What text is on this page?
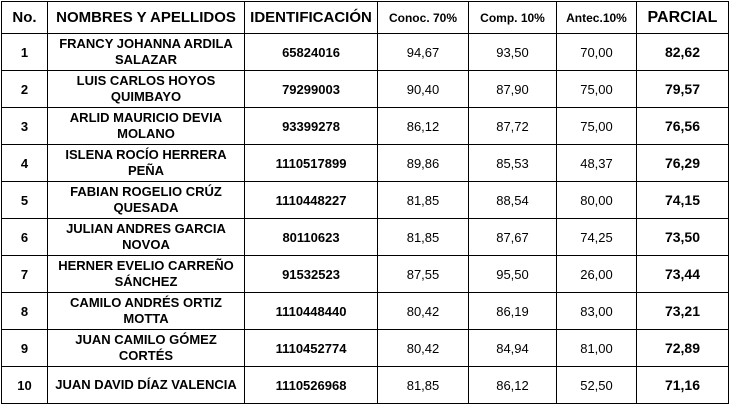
No.	NOMBRES Y APELLIDOS	IDENTIFICACIÓN	Conoc. 70%	Comp. 10%	Antec.10%	PARCIAL
1	FRANCY JOHANNA ARDILA SALAZAR	65824016	94,67	93,50	70,00	82,62
2	LUIS CARLOS HOYOS QUIMBAYO	79299003	90,40	87,90	75,00	79,57
3	ARLID MAURICIO DEVIA MOLANO	93399278	86,12	87,72	75,00	76,56
4	ISLENA ROCÍO HERRERA PEÑA	1110517899	89,86	85,53	48,37	76,29
5	FABIAN ROGELIO CRÚZ QUESADA	1110448227	81,85	88,54	80,00	74,15
6	JULIAN ANDRES GARCIA NOVOA	80110623	81,85	87,67	74,25	73,50
7	HERNER EVELIO CARREÑO SÁNCHEZ	91532523	87,55	95,50	26,00	73,44
8	CAMILO ANDRÉS ORTIZ MOTTA	1110448440	80,42	86,19	83,00	73,21
9	JUAN CAMILO GÓMEZ CORTÉS	1110452774	80,42	84,94	81,00	72,89
10	JUAN DAVID DÍAZ VALENCIA	1110526968	81,85	86,12	52,50	71,16
